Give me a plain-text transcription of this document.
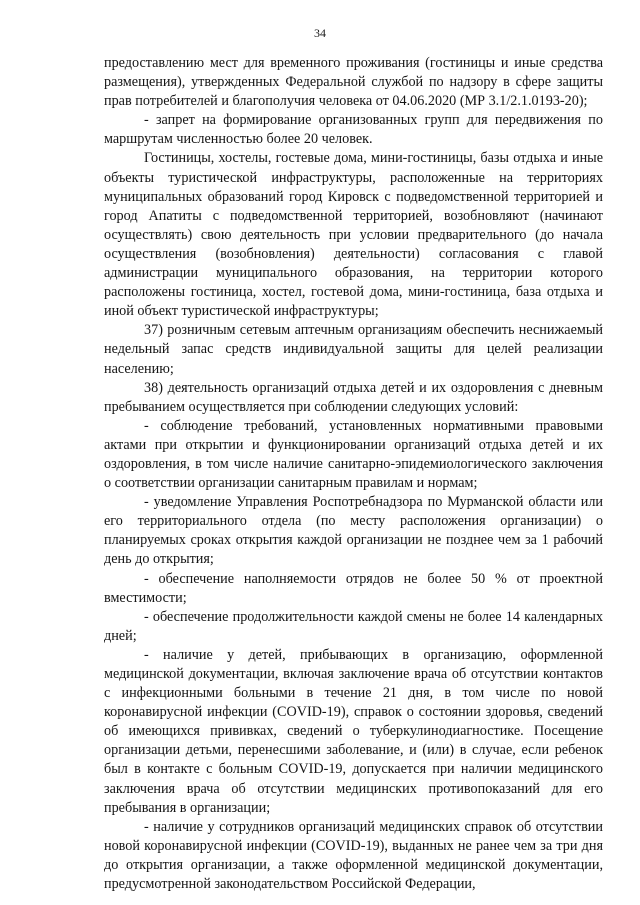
34

предоставлению мест для временного проживания (гостиницы и иные средства размещения), утвержденных Федеральной службой по надзору в сфере защиты прав потребителей и благополучия человека от 04.06.2020 (МР 3.1/2.1.0193-20);

- запрет на формирование организованных групп для передвижения по маршрутам численностью более 20 человек.

Гостиницы, хостелы, гостевые дома, мини-гостиницы, базы отдыха и иные объекты туристической инфраструктуры, расположенные на территориях муниципальных образований город Кировск с подведомственной территорией и город Апатиты с подведомственной территорией, возобновляют (начинают осуществлять) свою деятельность при условии предварительного (до начала осуществления (возобновления) деятельности) согласования с главой администрации муниципального образования, на территории которого расположены гостиница, хостел, гостевой дома, мини-гостиница, база отдыха и иной объект туристической инфраструктуры;

37) розничным сетевым аптечным организациям обеспечить неснижаемый недельный запас средств индивидуальной защиты для целей реализации населению;

38) деятельность организаций отдыха детей и их оздоровления с дневным пребыванием осуществляется при соблюдении следующих условий:

- соблюдение требований, установленных нормативными правовыми актами при открытии и функционировании организаций отдыха детей и их оздоровления, в том числе наличие санитарно-эпидемиологического заключения о соответствии организации санитарным правилам и нормам;

- уведомление Управления Роспотребнадзора по Мурманской области или его территориального отдела (по месту расположения организации) о планируемых сроках открытия каждой организации не позднее чем за 1 рабочий день до открытия;

- обеспечение наполняемости отрядов не более 50 % от проектной вместимости;

- обеспечение продолжительности каждой смены не более 14 календарных дней;

- наличие у детей, прибывающих в организацию, оформленной медицинской документации, включая заключение врача об отсутствии контактов с инфекционными больными в течение 21 дня, в том числе по новой коронавирусной инфекции (COVID-19), справок о состоянии здоровья, сведений об имеющихся прививках, сведений о туберкулинодиагностике. Посещение организации детьми, перенесшими заболевание, и (или) в случае, если ребенок был в контакте с больным COVID-19, допускается при наличии медицинского заключения врача об отсутствии медицинских противопоказаний для его пребывания в организации;

- наличие у сотрудников организаций медицинских справок об отсутствии новой коронавирусной инфекции (COVID-19), выданных не ранее чем за три дня до открытия организации, а также оформленной медицинской документации, предусмотренной законодательством Российской Федерации,
